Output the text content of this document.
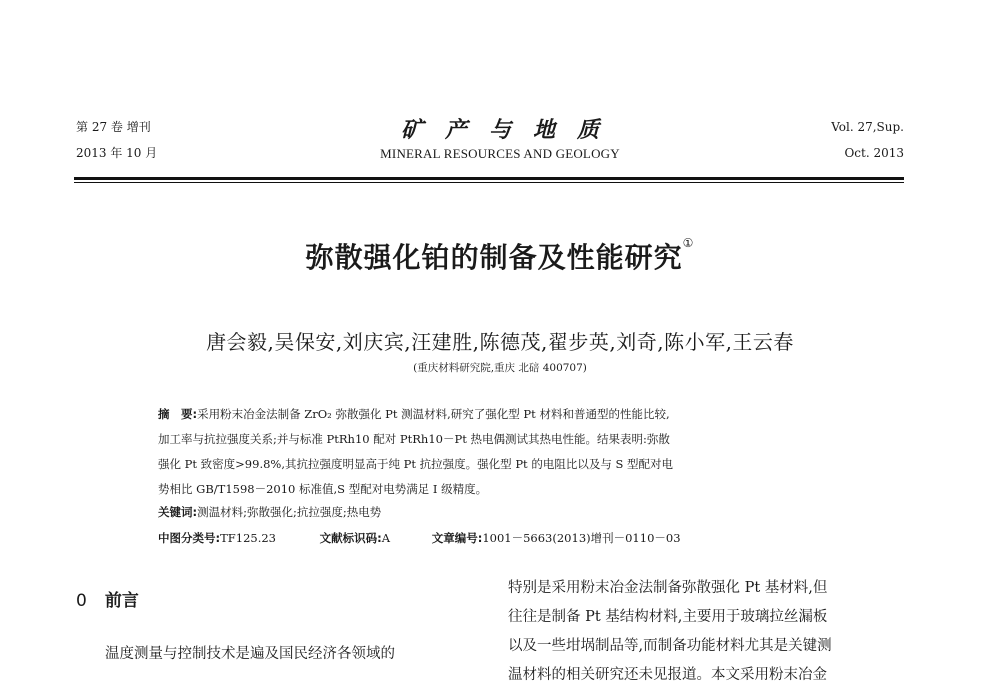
第 27 卷 增刊
2013 年 10 月
矿产与地质
MINERAL RESOURCES AND GEOLOGY
Vol. 27,Sup.
Oct. 2013
弥散强化铂的制备及性能研究①
唐会毅,吴保安,刘庆宾,汪建胜,陈德茂,翟步英,刘奇,陈小军,王云春
(重庆材料研究院,重庆 北碚 400707)
摘　要:采用粉末冶金法制备 ZrO₂ 弥散强化 Pt 测温材料,研究了强化型 Pt 材料和普通型的性能比较,
加工率与抗拉强度关系;并与标准 PtRh10 配对 PtRh10－Pt 热电偶测试其热电性能。结果表明:弥散
强化 Pt 致密度>99.8%,其抗拉强度明显高于纯 Pt 抗拉强度。强化型 Pt 的电阻比以及与 S 型配对电
势相比 GB/T1598－2010 标准值,S 型配对电势满足 Ⅰ 级精度。
关键词:测温材料;弥散强化;抗拉强度;热电势
中图分类号:TF125.23	文献标识码:A	文章编号:1001－5663(2013)增刊－0110－03
0 前言
温度测量与控制技术是遍及国民经济各领域的
特别是采用粉末冶金法制备弥散强化 Pt 基材料,但
往往是制备 Pt 基结构材料,主要用于玻璃拉丝漏板
以及一些坩埚制品等,而制备功能材料尤其是关键测
温材料的相关研究还未见报道。本文采用粉末冶金
